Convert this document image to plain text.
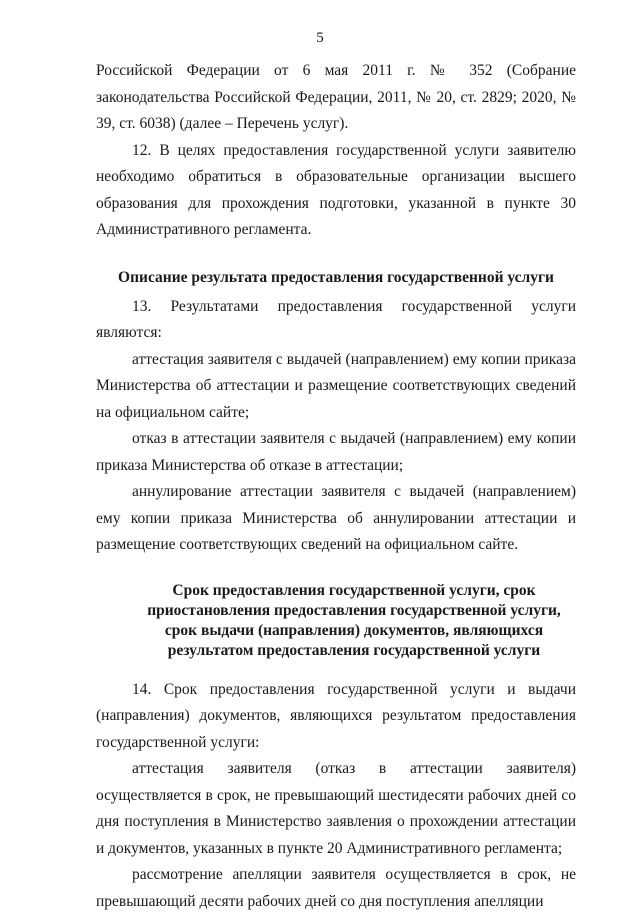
5

Российской Федерации от 6 мая 2011 г. № 352 (Собрание законодательства Российской Федерации, 2011, № 20, ст. 2829; 2020, № 39, ст. 6038) (далее – Перечень услуг).

12. В целях предоставления государственной услуги заявителю необходимо обратиться в образовательные организации высшего образования для прохождения подготовки, указанной в пункте 30 Административного регламента.

Описание результата предоставления государственной услуги

13. Результатами предоставления государственной услуги являются:

аттестация заявителя с выдачей (направлением) ему копии приказа Министерства об аттестации и размещение соответствующих сведений на официальном сайте;

отказ в аттестации заявителя с выдачей (направлением) ему копии приказа Министерства об отказе в аттестации;

аннулирование аттестации заявителя с выдачей (направлением) ему копии приказа Министерства об аннулировании аттестации и размещение соответствующих сведений на официальном сайте.

Срок предоставления государственной услуги, срок приостановления предоставления государственной услуги, срок выдачи (направления) документов, являющихся результатом предоставления государственной услуги

14. Срок предоставления государственной услуги и выдачи (направления) документов, являющихся результатом предоставления государственной услуги:

аттестация заявителя (отказ в аттестации заявителя) осуществляется в срок, не превышающий шестидесяти рабочих дней со дня поступления в Министерство заявления о прохождении аттестации и документов, указанных в пункте 20 Административного регламента;

рассмотрение апелляции заявителя осуществляется в срок, не превышающий десяти рабочих дней со дня поступления апелляции
